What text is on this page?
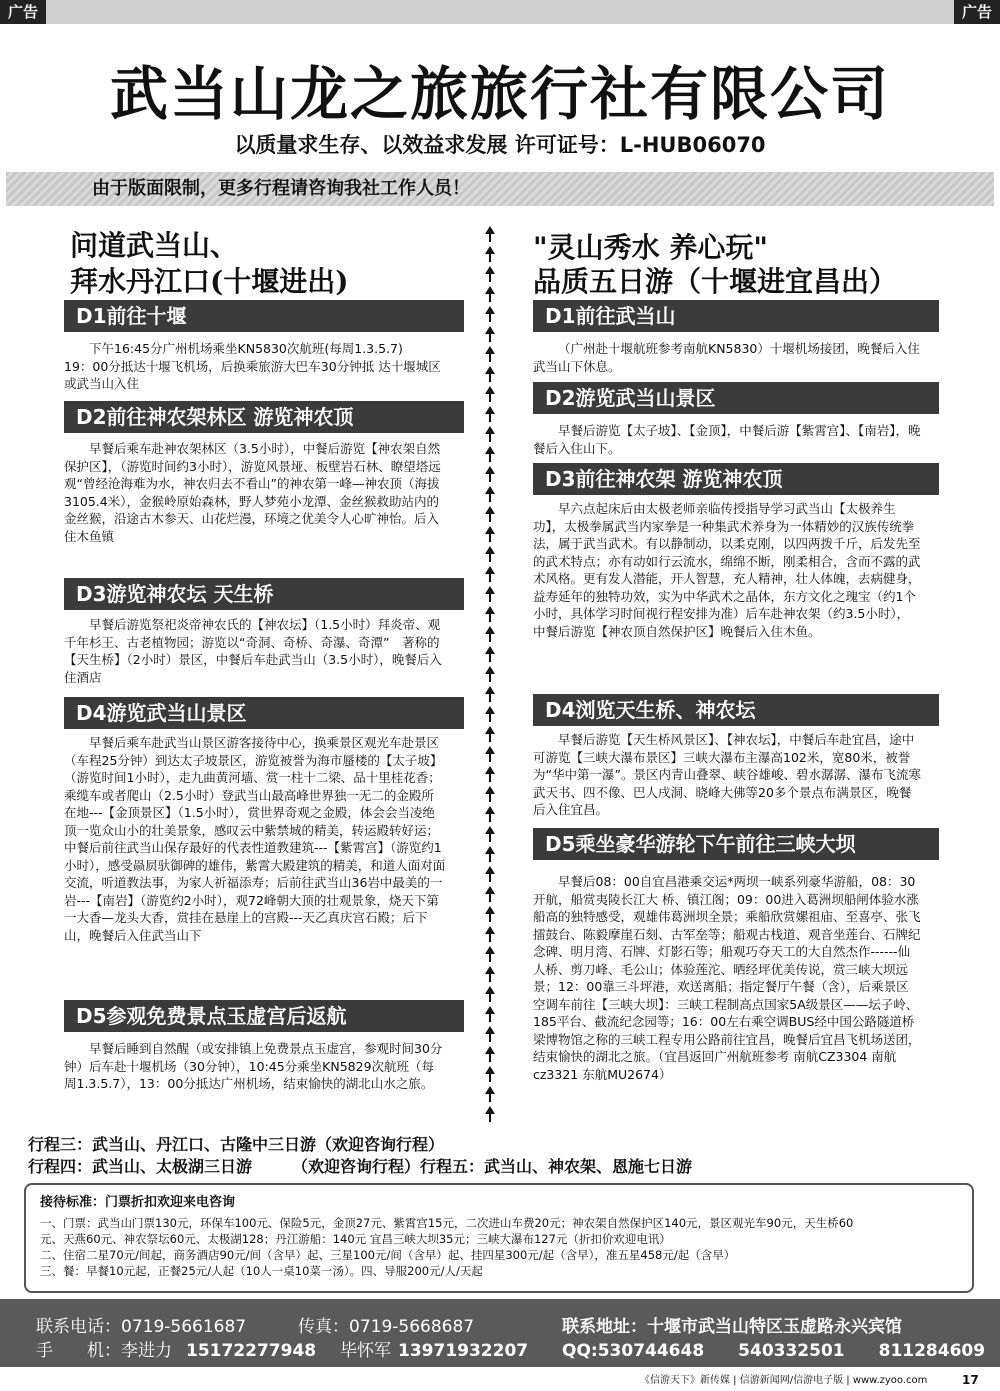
广告	广告
武当山龙之旅旅行社有限公司
以质量求生存、以效益求发展 许可证号：L-HUB06070
由于版面限制，更多行程请咨询我社工作人员！
问道武当山、
拜水丹江口(十堰进出)
D1前往十堰
下午16:45分广州机场乘坐KN5830次航班(每周1.3.5.7)　　19：00分抵达十堰飞机场，后换乘旅游大巴车30分钟抵 达十堰城区或武当山入住
D2前往神农架林区 游览神农顶
早餐后乘车赴神农架林区（3.5小时），中餐后游览【神农架自然保护区】，（游览时间约3小时），游览风景垭、板壁岩石林、瞭望塔远观“曾经沧海难为水，神农归去不看山”的神农第一峰—神农顶（海拔3105.4米），金猴岭原始森林，野人梦苑小龙潭、金丝猴救助站内的金丝猴，沿途古木参天、山花烂漫，环境之优美令人心旷神怡。后入住木鱼镇
D3游览神农坛 天生桥
早餐后游览祭祀炎帝神农氏的【神农坛】（1.5小时）拜炎帝、观千年杉王、古老植物园；游览以“奇洞、奇桥、奇瀑、奇潭”　著称的【天生桥】（2小时）景区，中餐后车赴武当山（3.5小时），晚餐后入住酒店
D4游览武当山景区
早餐后乘车赴武当山景区游客接待中心，换乘景区观光车赴景区（车程25分钟）到达太子坡景区，游览被誉为海市蜃楼的【太子坡】（游览时间1小时），走九曲黄河墙、赏一柱十二梁、品十里桂花香；乘缆车或者爬山（2.5小时）登武当山最高峰世界独一无二的金殿所在地---【金顶景区】（1.5小时），赏世界奇观之金殿，体会会当凌绝顶一览众山小的壮美景象，感叹云中紫禁城的精美，转运殿转好运；中餐后前往武当山保存最好的代表性道教建筑---【紫霄宫】（游览约1小时），感受赑屃驮御碑的雄伟，紫霄大殿建筑的精美，和道人面对面交流，听道教法事，为家人祈福添寿；后前往武当山36岩中最美的一岩---【南岩】（游览约2小时），观72峰朝大顶的壮观景象，烧天下第一大香—龙头大香，赏挂在悬崖上的宫殿---天乙真庆宫石殿；后下山，晚餐后入住武当山下
D5参观免费景点玉虚宫后返航
早餐后睡到自然醒（或安排镇上免费景点玉虚宫，参观时间30分钟）后车赴十堰机场（30分钟），10:45分乘坐KN5829次航班（每周1.3.5.7），13：00分抵达广州机场，结束愉快的湖北山水之旅。
"灵山秀水 养心玩"
品质五日游（十堰进宜昌出）
D1前往武当山
（广州赴十堰航班参考南航KN5830）十堰机场接团，晚餐后入住武当山下休息。
D2游览武当山景区
早餐后游览【太子坡】、【金顶】，中餐后游【紫霄宫】、【南岩】，晚餐后入住山下。
D3前往神农架 游览神农顶
早六点起床后由太极老师亲临传授指导学习武当山【太极养生功】，太极拳属武当内家拳是一种集武术养身为一体精妙的汉族传统拳法，属于武当武术。有以静制动，以柔克刚，以四两拨千斤，后发先至的武术特点；亦有动如行云流水，绵绵不断，刚柔相合，含而不露的武术风格。更有发人潜能，开人智慧，充人精神，壮人体魄，去病健身，益寿延年的独特功效，实为中华武术之晶体，东方文化之瑰宝（约1个小时，具体学习时间视行程安排为准）后车赴神农架（约3.5小时），中餐后游览【神农顶自然保护区】晚餐后入住木鱼。
D4浏览天生桥、神农坛
早餐后游览【天生桥风景区】、【神农坛】，中餐后车赴宜昌，途中可游览【三峡大瀑布景区】三峡大瀑布主瀑高102米，宽80米，被誉为“华中第一瀑”。景区内青山叠翠、峡谷雄峻、碧水潺潺、瀑布飞流寒武天书、四不像、巴人戌洞、晓峰大佛等20多个景点布满景区，晚餐后入住宜昌。
D5乘坐豪华游轮下午前往三峡大坝
早餐后08：00自宜昌港乘交运*两坝一峡系列豪华游船，08：30开航，船赏夷陵长江大 桥、镇江阁；09：00进入葛洲坝船闸体验水涨船高的独特感受，观雄伟葛洲坝全景；乘船欣赏嫘祖庙、至喜亭、张飞擂鼓台、陈毅摩崖石刻、古军垒等；船观古栈道、观音坐莲台、石牌纪念碑、明月湾、石牌、灯影石等；船观巧夺天工的大自然杰作------仙人桥、剪刀峰、毛公山；体验莲沱、晒经坪优美传说，赏三峡大坝远景；12：00靠三斗坪港，欢送离船；指定餐厅午餐（含），后乘景区空调车前往【三峡大坝】：三峡工程制高点国家5A级景区——坛子岭、185平台、截流纪念园等；16：00左右乘空调BUS经中国公路隧道桥梁博物馆之称的三峡工程专用公路前往宜昌，晚餐后宜昌飞机场送团，结束愉快的湖北之旅。（宜昌返回广州航班参考 南航CZ3304 南航cz3321 东航MU2674）
行程三：武当山、丹江口、古隆中三日游（欢迎咨询行程）
行程四：武当山、太极湖三日游　　　（欢迎咨询行程）行程五：武当山、神农架、恩施七日游
接待标准：门票折扣欢迎来电咨询
一、门票：武当山门票130元，环保车100元、保险5元，金顶27元、紫霄宫15元，二次进山车费20元；神农架自然保护区140元，景区观光车90元，天生桥60
元、天燕60元、神农祭坛60元、太极湖128；丹江游船：140元 宜昌三峡大坝35元；三峡大瀑布127元（折扣价欢迎电讯）
二、住宿二星70元/间起，商务酒店90元/间（含早）起、三星100元/间（含早）起、挂四星300元/起（含早），准五星458元/起（含早）
三、餐：早餐10元起，正餐25元/人起（10人一桌10菜一汤）。四、导服200元/人/天起
联系电话：0719-5661687	传真：0719-5668687	联系地址：十堰市武当山特区玉虚路永兴宾馆
手　　机：李进力 15172277948 毕怀军 13971932207 QQ:530744648　　540332501　　811284609
《信游天下》新传媒 | 信游新闻网/信游电子版 | www.zyoo.com	17
